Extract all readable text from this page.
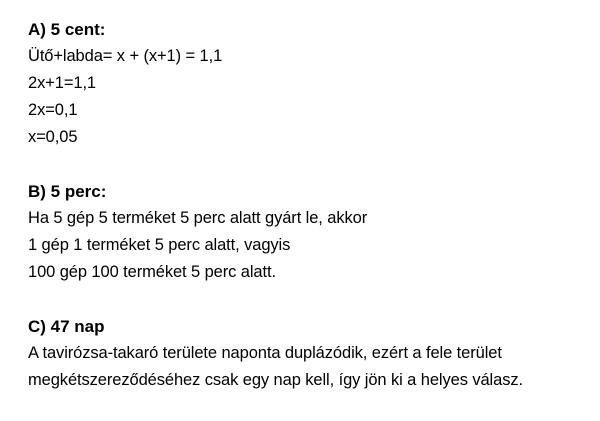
A) 5 cent:
Ütő+labda= x + (x+1) = 1,1
2x+1=1,1
2x=0,1
x=0,05
B) 5 perc:
Ha 5 gép 5 terméket 5 perc alatt gyárt le, akkor
1 gép 1 terméket 5 perc alatt, vagyis
100 gép 100 terméket 5 perc alatt.
C) 47 nap
A tavirózsa-takaró területe naponta duplázódik, ezért a fele terület
megkétszereződéséhez csak egy nap kell, így jön ki a helyes válasz.
